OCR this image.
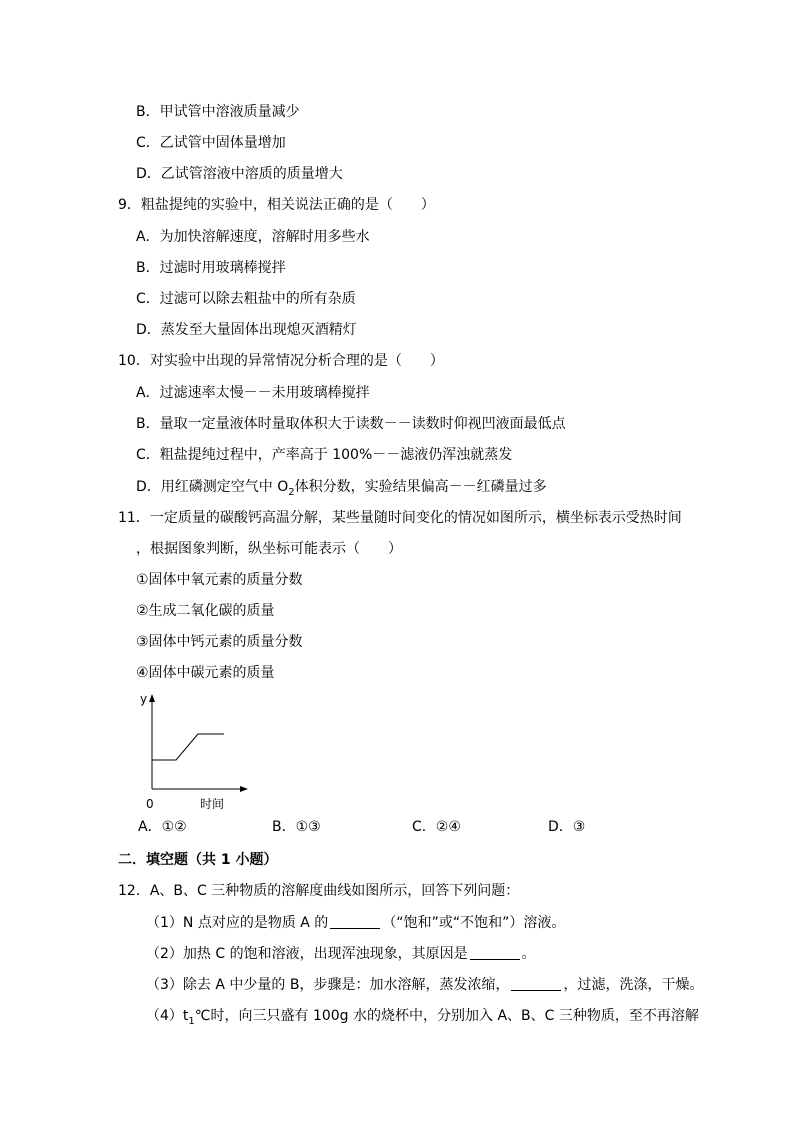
B．甲试管中溶液质量减少
C．乙试管中固体量增加
D．乙试管溶液中溶质的质量增大
9．粗盐提纯的实验中，相关说法正确的是（　　）
A．为加快溶解速度，溶解时用多些水
B．过滤时用玻璃棒搅拌
C．过滤可以除去粗盐中的所有杂质
D．蒸发至大量固体出现熄灭酒精灯
10．对实验中出现的异常情况分析合理的是（　　）
A．过滤速率太慢－－未用玻璃棒搅拌
B．量取一定量液体时量取体积大于读数－－读数时仰视凹液面最低点
C．粗盐提纯过程中，产率高于 100%－－滤液仍浑浊就蒸发
D．用红磷测定空气中 $O_2$体积分数，实验结果偏高－－红磷量过多
11．一定质量的碳酸钙高温分解，某些量随时间变化的情况如图所示，横坐标表示受热时间
，根据图象判断，纵坐标可能表示（　　）
①固体中氧元素的质量分数
②生成二氧化碳的质量
③固体中钙元素的质量分数
④固体中碳元素的质量
y
0	时间
A．①②	B．①③	C．②④	D．③
二．填空题（共 1 小题）
12．A、B、C 三种物质的溶解度曲线如图所示，回答下列问题：
（1）N 点对应的是物质 A 的	（“饱和”或“不饱和”）溶液。
（2）加热 C 的饱和溶液，出现浑浊现象，其原因是	。
（3）除去 A 中少量的 B，步骤是：加水溶解，蒸发浓缩，	，过滤，洗涤，干燥。
$(4)t_1℃$时，向三只盛有 100g 水的烧杯中，分别加入 A、B、C 三种物质，至不再溶解
